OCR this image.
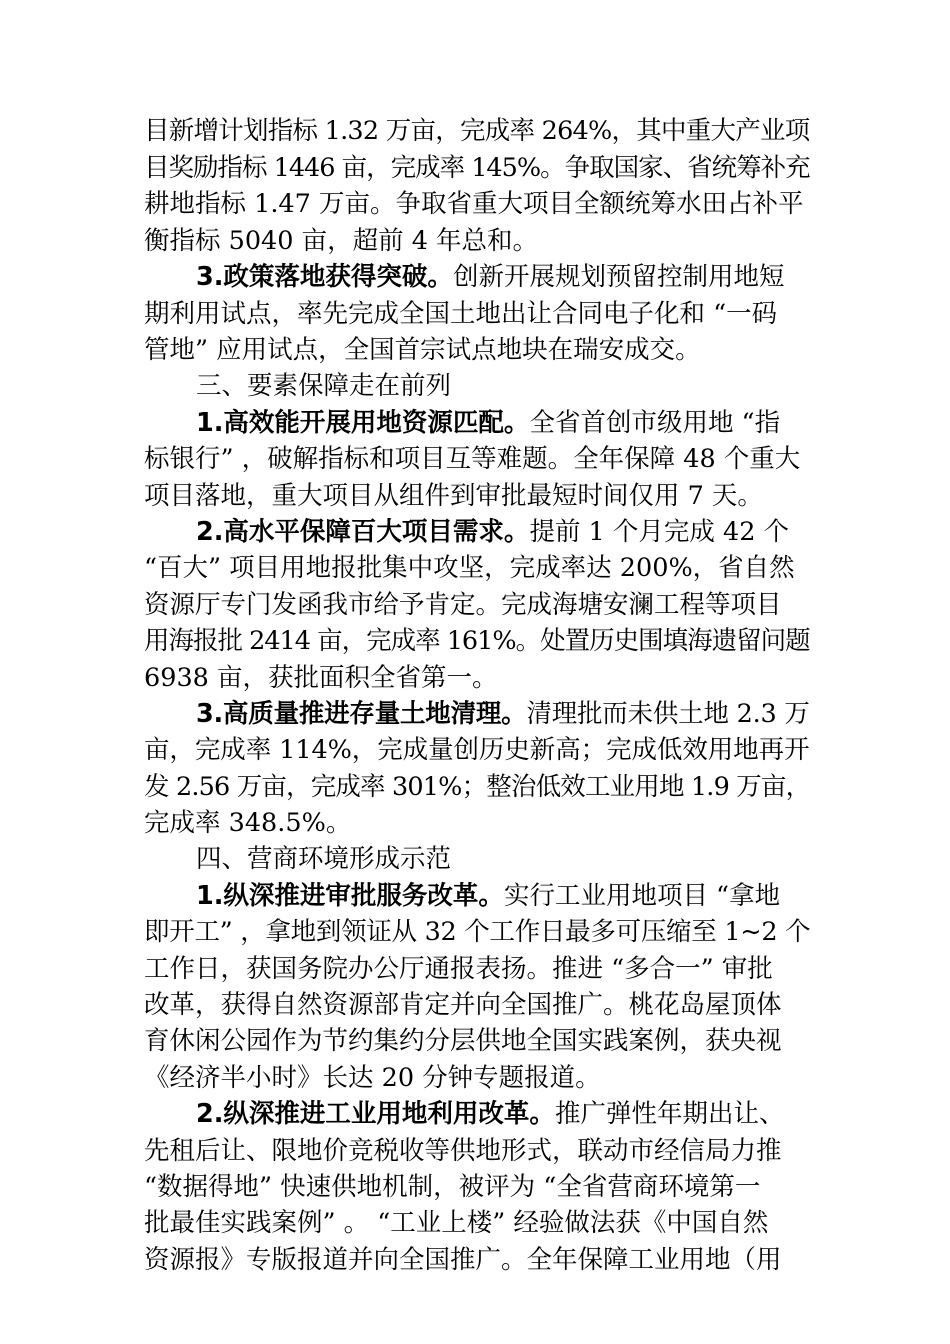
目新增计划指标 1.32 万亩，完成率 264%，其中重大产业项
目奖励指标 1446 亩，完成率 145%。争取国家、省统筹补充
耕地指标 1.47 万亩。争取省重大项目全额统筹水田占补平
衡指标 5040 亩，超前 4 年总和。
3.政策落地获得突破。创新开展规划预留控制用地短
期利用试点，率先完成全国土地出让合同电子化和 “一码
管地” 应用试点，全国首宗试点地块在瑞安成交。
三、要素保障走在前列
1.高效能开展用地资源匹配。全省首创市级用地 “指
标银行” ，破解指标和项目互等难题。全年保障 48 个重大
项目落地，重大项目从组件到审批最短时间仅用 7 天。
2.高水平保障百大项目需求。提前 1 个月完成 42 个
“百大” 项目用地报批集中攻坚，完成率达 200%，省自然
资源厅专门发函我市给予肯定。完成海塘安澜工程等项目
用海报批 2414 亩，完成率 161%。处置历史围填海遗留问题
6938 亩，获批面积全省第一。
3.高质量推进存量土地清理。清理批而未供土地 2.3 万
亩，完成率 114%，完成量创历史新高；完成低效用地再开
发 2.56 万亩，完成率 301%；整治低效工业用地 1.9 万亩，
完成率 348.5%。
四、营商环境形成示范
1.纵深推进审批服务改革。实行工业用地项目 “拿地
即开工” ，拿地到领证从 32 个工作日最多可压缩至 1~2 个
工作日，获国务院办公厅通报表扬。推进 “多合一” 审批
改革，获得自然资源部肯定并向全国推广。桃花岛屋顶体
育休闲公园作为节约集约分层供地全国实践案例，获央视
《经济半小时》长达 20 分钟专题报道。
2.纵深推进工业用地利用改革。推广弹性年期出让、
先租后让、限地价竞税收等供地形式，联动市经信局力推
“数据得地” 快速供地机制，被评为 “全省营商环境第一
批最佳实践案例” 。 “工业上楼” 经验做法获《中国自然
资源报》专版报道并向全国推广。全年保障工业用地（用
